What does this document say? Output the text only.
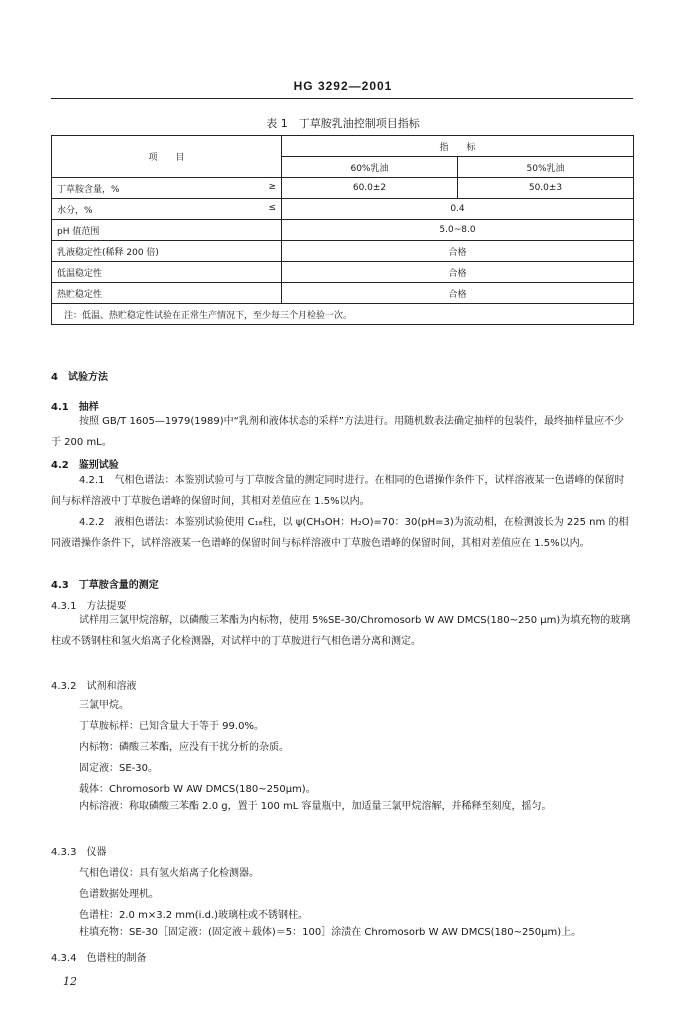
HG 3292—2001
表 1　丁草胺乳油控制项目指标
项　　目	指　　标	
	60%乳油	50%乳油
丁草胺含量，% ≥	60.0±2	50.0±3
水分，% ≤	0.4	
pH 值范围	5.0~8.0	
乳液稳定性(稀释 200 倍)	合格	
低温稳定性	合格	
热贮稳定性	合格	
注：低温、热贮稳定性试验在正常生产情况下，至少每三个月检验一次。		
4　试验方法
4.1　抽样
按照 GB/T 1605—1979(1989)中“乳剂和液体状态的采样”方法进行。用随机数表法确定抽样的包装件，最终抽样量应不少于 200 mL。
4.2　鉴别试验
4.2.1　气相色谱法：本鉴别试验可与丁草胺含量的测定同时进行。在相同的色谱操作条件下，试样溶液某一色谱峰的保留时间与标样溶液中丁草胺色谱峰的保留时间，其相对差值应在 1.5%以内。
4.2.2　液相色谱法：本鉴别试验使用 C₁₈柱，以 ψ(CH₃OH：H₂O)=70：30(pH=3)为流动相，在检测波长为 225 nm 的相同液谱操作条件下，试样溶液某一色谱峰的保留时间与标样溶液中丁草胺色谱峰的保留时间，其相对差值应在 1.5%以内。
4.3　丁草胺含量的测定
4.3.1　方法提要
试样用三氯甲烷溶解，以磷酸三苯酯为内标物，使用 5%SE-30/Chromosorb W AW DMCS(180~250 μm)为填充物的玻璃柱或不锈钢柱和氢火焰离子化检测器，对试样中的丁草胺进行气相色谱分离和测定。
4.3.2　试剂和溶液
三氯甲烷。
丁草胺标样：已知含量大于等于 99.0%。
内标物：磷酸三苯酯，应没有干扰分析的杂质。
固定液：SE-30。
载体：Chromosorb W AW DMCS(180~250μm)。
内标溶液：称取磷酸三苯酯 2.0 g，置于 100 mL 容量瓶中，加适量三氯甲烷溶解，并稀释至刻度，摇匀。
4.3.3　仪器
气相色谱仪：具有氢火焰离子化检测器。
色谱数据处理机。
色谱柱：2.0 m×3.2 mm(i.d.)玻璃柱或不锈钢柱。
柱填充物：SE-30［固定液：(固定液＋载体)＝5：100］涂渍在 Chromosorb W AW DMCS(180~250μm)上。
4.3.4　色谱柱的制备
12
